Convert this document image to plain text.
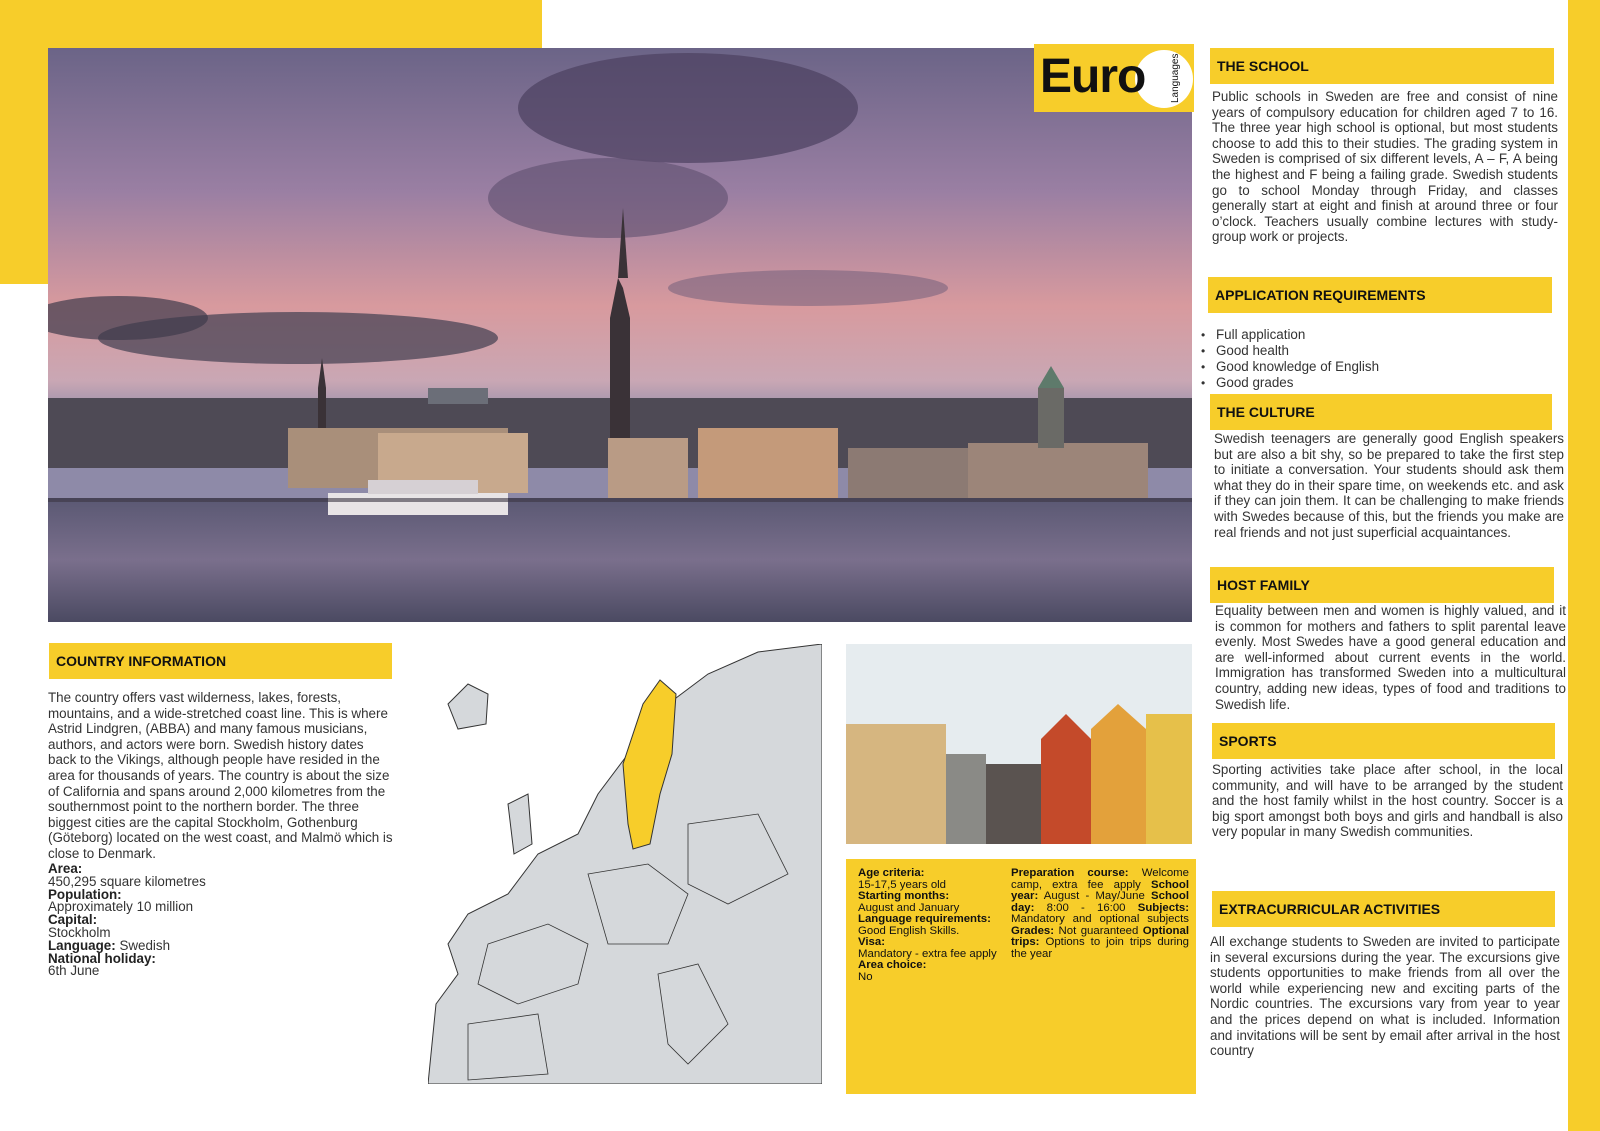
Euro Languages	THE SCHOOL
Public schools in Sweden are free and consist of nine years of compulsory education for children aged 7 to 16. The three year high school is optional, but most students choose to add this to their studies. The grading system in Sweden is comprised of six different levels, A – F, A being the highest and F being a failing grade. Swedish students go to school Monday through Friday, and classes generally start at eight and finish at around three or four o’clock. Teachers usually combine lectures with study-group work or projects.
APPLICATION REQUIREMENTS
• Full application
• Good health
• Good knowledge of English
• Good grades
THE CULTURE
Swedish teenagers are generally good English speakers but are also a bit shy, so be prepared to take the first step to initiate a conversation. Your students should ask them what they do in their spare time, on weekends etc. and ask if they can join them. It can be challenging to make friends with Swedes because of this, but the friends you make are real friends and not just superficial acquaintances.
HOST FAMILY
Equality between men and women is highly valued, and it is common for mothers and fathers to split parental leave evenly. Most Swedes have a good general education and are well-informed about current events in the world. Immigration has transformed Sweden into a multicultural country, adding new ideas, types of food and traditions to Swedish life.
SPORTS
Sporting activities take place after school, in the local community, and will have to be arranged by the student and the host family whilst in the host country. Soccer is a big sport amongst both boys and girls and handball is also very popular in many Swedish communities.
EXTRACURRICULAR ACTIVITIES
All exchange students to Sweden are invited to participate in several excursions during the year. The excursions give students opportunities to make friends from all over the world while experiencing new and exciting parts of the Nordic countries. The excursions vary from year to year and the prices depend on what is included. Information and invitations will be sent by email after arrival in the host country
COUNTRY INFORMATION
The country offers vast wilderness, lakes, forests, mountains, and a wide-stretched coast line. This is where Astrid Lindgren, (ABBA) and many famous musicians, authors, and actors were born. Swedish history dates back to the Vikings, although people have resided in the area for thousands of years. The country is about the size of California and spans around 2,000 kilometres from the southernmost point to the northern border. The three biggest cities are the capital Stockholm, Gothenburg (Göteborg) located on the west coast, and Malmö which is close to Denmark.
Area:
450,295 square kilometres
Population:
Approximately 10 million
Capital:
Stockholm
Language: Swedish
National holiday:
6th June
Age criteria:
15-17,5 years old
Starting months:
August and January
Language requirements:
Good English Skills.
Visa:
Mandatory - extra fee apply
Area choice:
No
Preparation course: Welcome camp, extra fee apply School year: August - May/June School day: 8:00 - 16:00 Subjects: Mandatory and optional subjects Grades: Not guaranteed Optional trips: Options to join trips during the year
